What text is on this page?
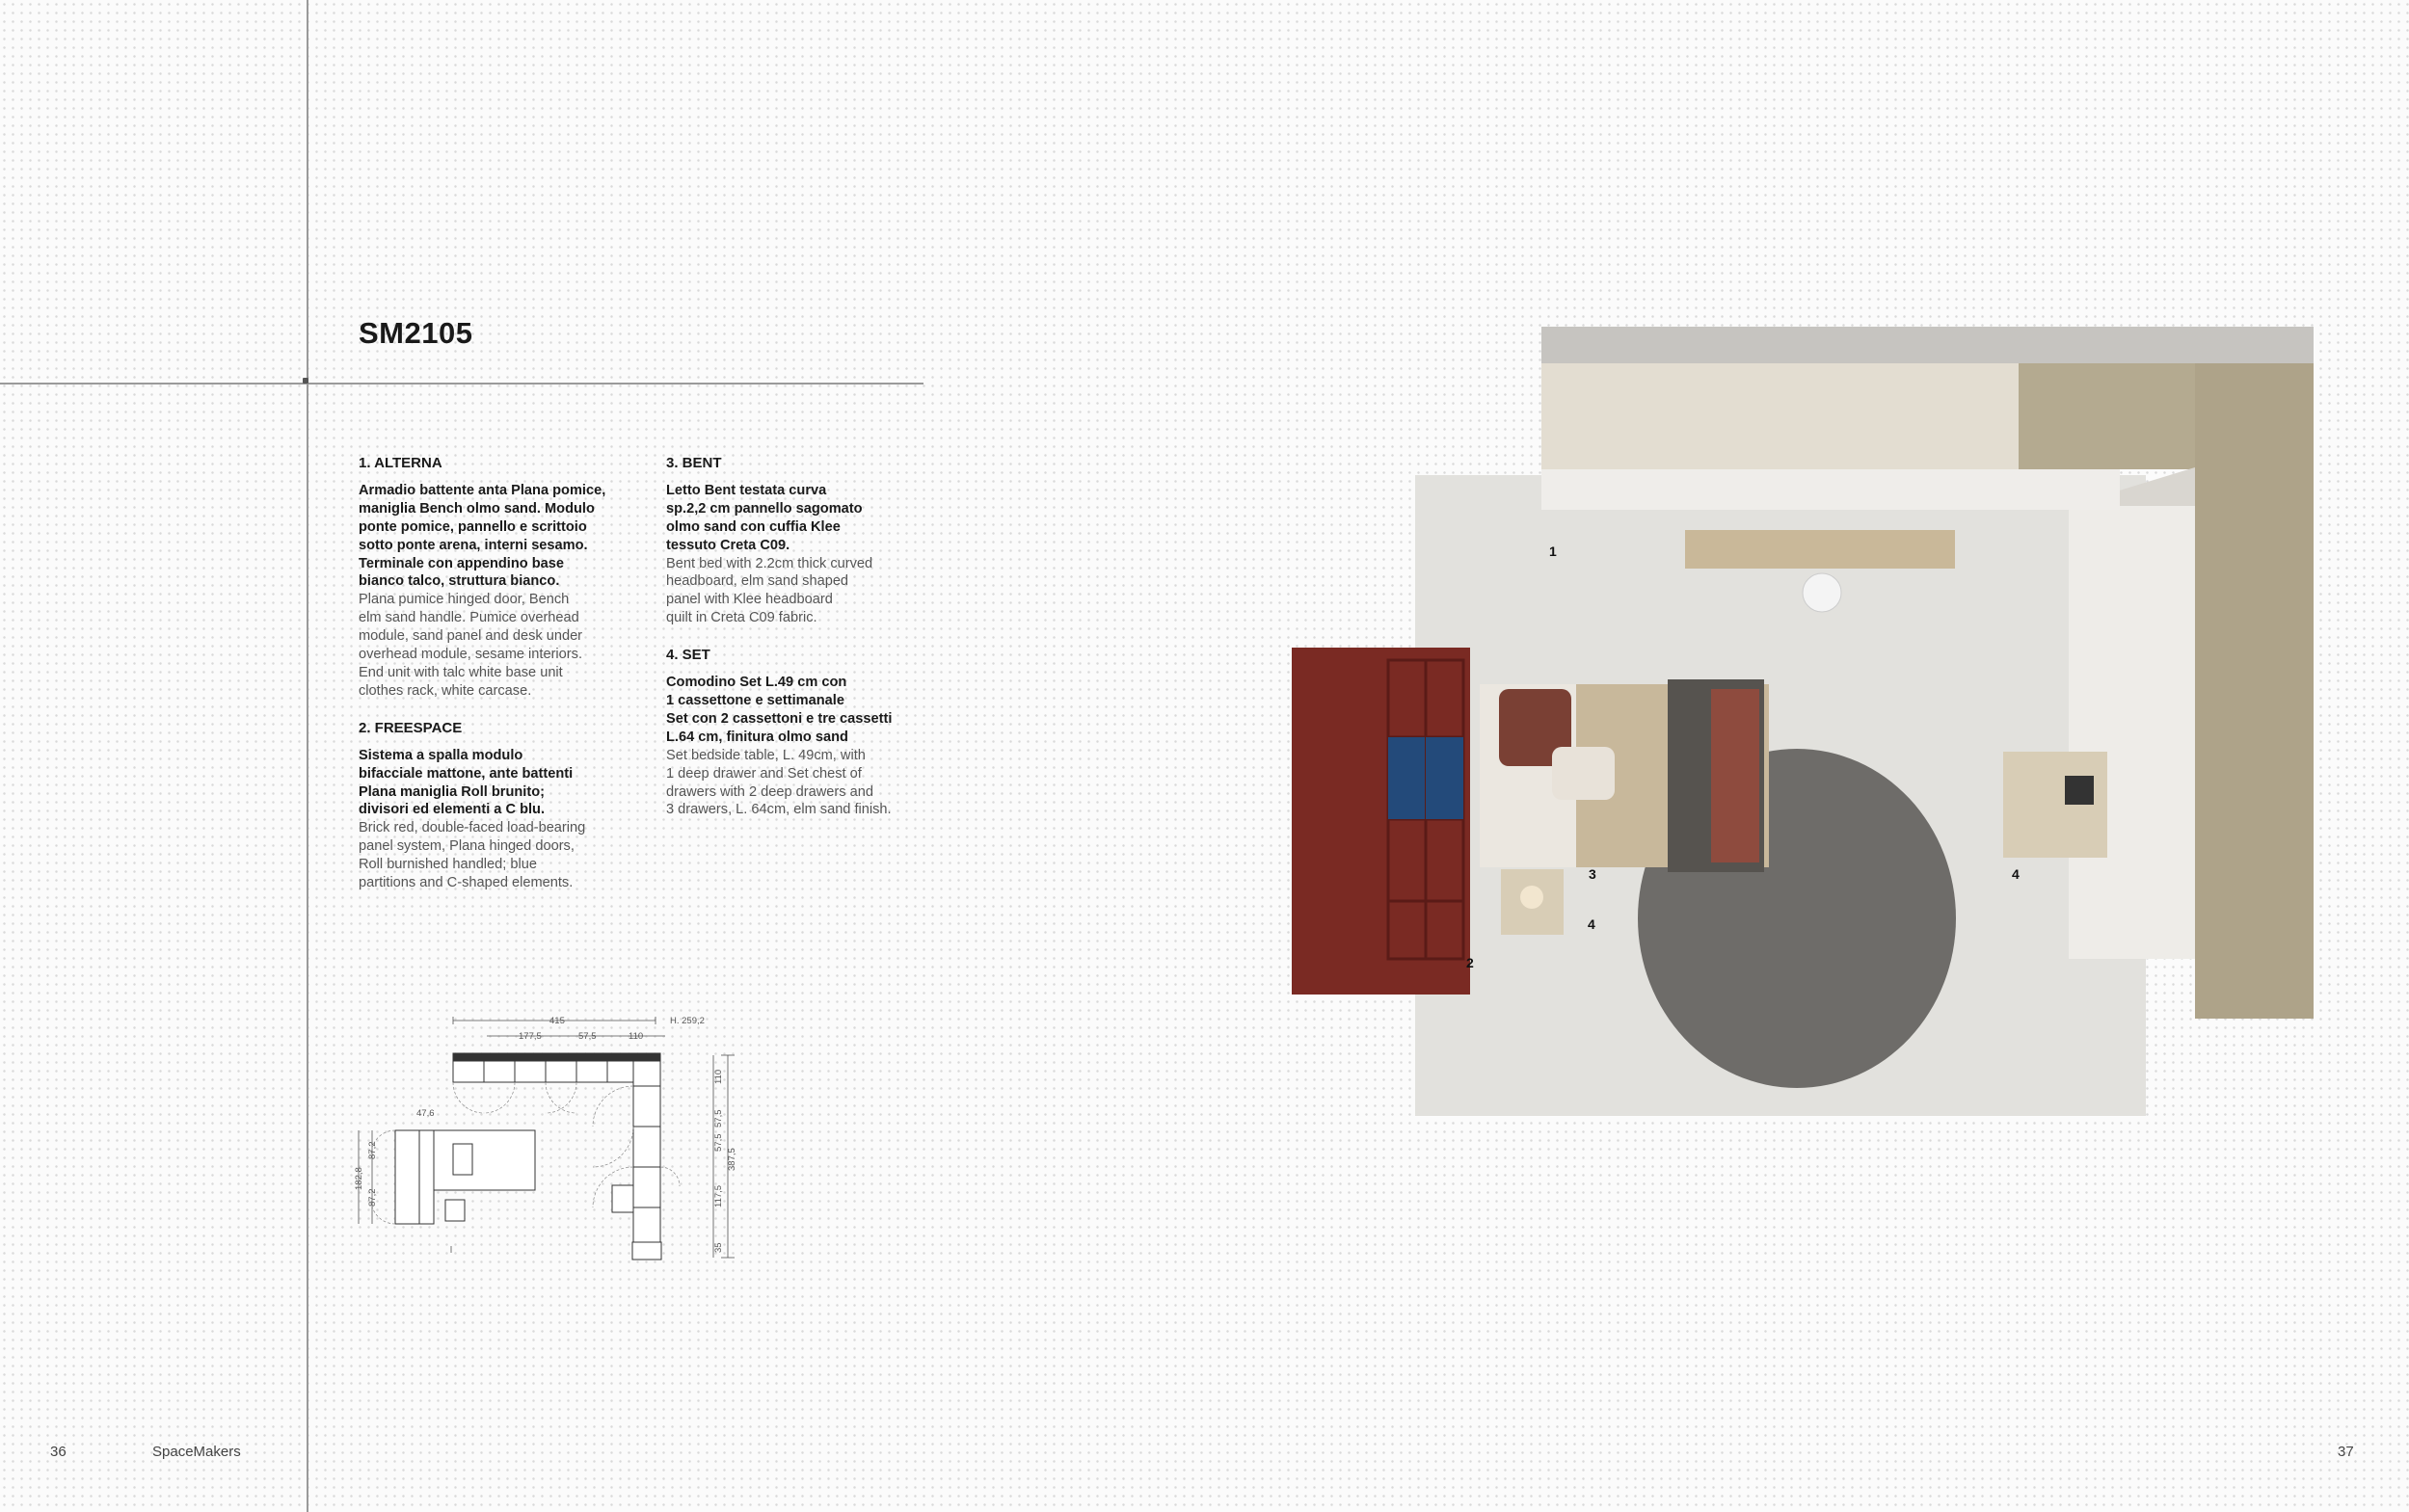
SM2105
1. ALTERNA
Armadio battente anta Plana pomice,
maniglia Bench olmo sand. Modulo
ponte pomice, pannello e scrittoio
sotto ponte arena, interni sesamo.
Terminale con appendino base
bianco talco, struttura bianco.
Plana pumice hinged door, Bench
elm sand handle. Pumice overhead
module, sand panel and desk under
overhead module, sesame interiors.
End unit with talc white base unit
clothes rack, white carcase.
2. FREESPACE
Sistema a spalla modulo
bifacciale mattone, ante battenti
Plana maniglia Roll brunito;
divisori ed elementi a C blu.
Brick red, double-faced load-bearing
panel system, Plana hinged doors,
Roll burnished handled; blue
partitions and C-shaped elements.
3. BENT
Letto Bent testata curva
sp.2,2 cm pannello sagomato
olmo sand con cuffia Klee
tessuto Creta C09.
Bent bed with 2.2cm thick curved
headboard, elm sand shaped
panel with Klee headboard
quilt in Creta C09 fabric.
4. SET
Comodino Set L.49 cm con
1 cassettone e settimanale
Set con 2 cassettoni e tre cassetti
L.64 cm, finitura olmo sand
Set bedside table, L. 49cm, with
1 deep drawer and Set chest of
drawers with 2 deep drawers and
3 drawers, L. 64cm, elm sand finish.
415	H. 259,2
177,5	57,5	110
47,6
182,8
87,2
87,2
110
57,5
57,5
117,5
35
387,5
1
2
3
4
4
36	SpaceMakers	37
